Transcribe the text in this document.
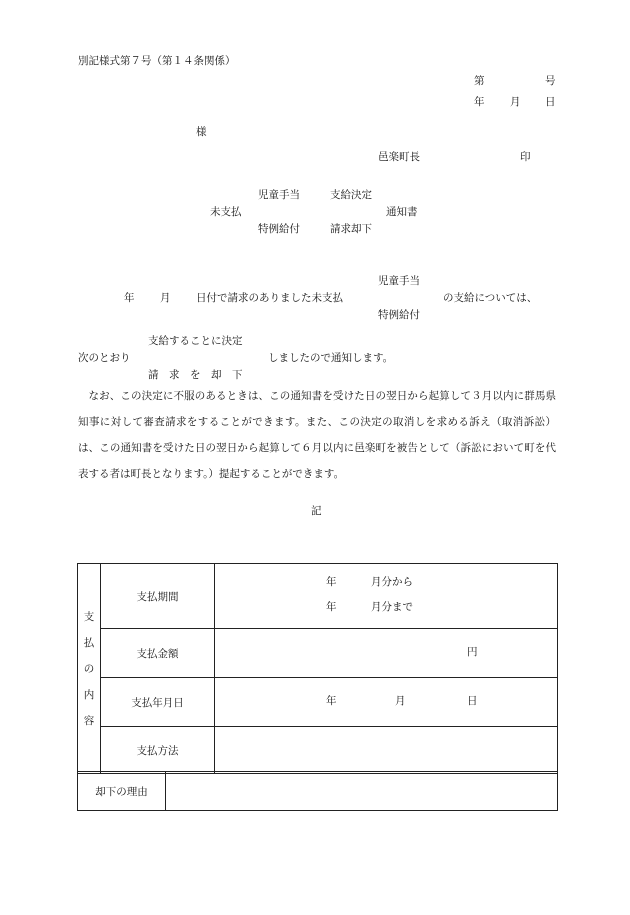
別記様式第７号（第１４条関係）
第	号
年 月 日
様
邑楽町長	印
児童手当	支給決定
未支払	通知書
特例給付	請求却下
児童手当
年 月 日付で請求のありました未支払	の支給については、
特例給付
支給することに決定
次のとおり	しましたので通知します。
請　求　を　却　下
なお、この決定に不服のあるときは、この通知書を受けた日の翌日から起算して３月以内に群馬県知事に対して審査請求をすることができます。また、この決定の取消しを求める訴え（取消訴訟）は、この通知書を受けた日の翌日から起算して６月以内に邑楽町を被告として（訴訟において町を代表する者は町長となります。）提起することができます。
記
支
払
の
内
容	支払期間	年 月分から
年 月分まで

	支払金額	円

	支払年月日	年 月 日

	支払方法	
却下の理由	
